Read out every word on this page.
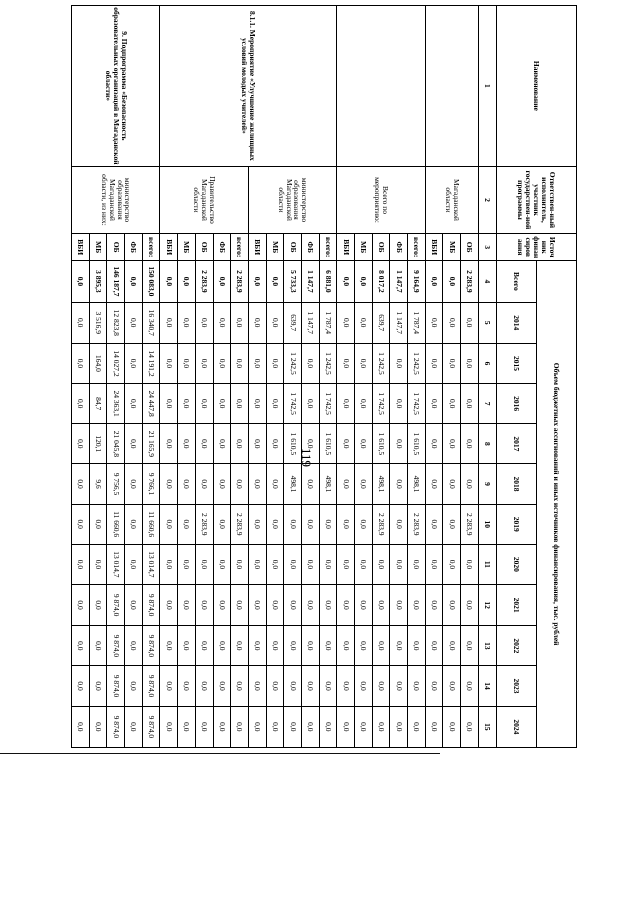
119
Наименование	Ответствен-ный исполнитель, участник государствен-ной программы	Источ ник финан сиров ания	Объем бюджетных ассигнований и иных источников финансирования, тыс. рублей											
			Всего	2014	2015	2016	2017	2018	2019	2020	2021	2022	2023	2024
1	2	3	4	5	6	7	8	9	10	11	12	13	14	15
	Магаданской области	ОБ	2 283,9	0,0	0,0	0,0	0,0	0,0	2 283,9	0,0	0,0	0,0	0,0	0,0
		МБ	0,0	0,0	0,0	0,0	0,0	0,0	0,0	0,0	0,0	0,0	0,0	0,0
		ВБИ	0,0	0,0	0,0	0,0	0,0	0,0	0,0	0,0	0,0	0,0	0,0	0,0
	Всего по мероприятию:	всего:	9 164,9	1 787,4	1 242,5	1 742,5	1 610,5	498,1	2 283,9	0,0	0,0	0,0	0,0	0,0
		ФБ	1 147,7	1 147,7	0,0	0,0	0,0	0,0	0,0	0,0	0,0	0,0	0,0	0,0
		ОБ	8 017,2	639,7	1 242,5	1 742,5	1 610,5	498,1	2 283,9	0,0	0,0	0,0	0,0	0,0
		МБ	0,0	0,0	0,0	0,0	0,0	0,0	0,0	0,0	0,0	0,0	0,0	0,0
		ВБИ	0,0	0,0	0,0	0,0	0,0	0,0	0,0	0,0	0,0	0,0	0,0	0,0
8.1.1. Мероприятие «Улучшение жилищных условий молодых учителей»	министерство образования Магаданской области	всего:	6 881,0	1 787,4	1 242,5	1 742,5	1 610,5	498,1	0,0	0,0	0,0	0,0	0,0	0,0
		ФБ	1 147,7	1 147,7	0,0	0,0	0,0	0,0	0,0	0,0	0,0	0,0	0,0	0,0
		ОБ	5 733,3	639,7	1 242,5	1 742,5	1 610,5	498,1	0,0	0,0	0,0	0,0	0,0	0,0
		МБ	0,0	0,0	0,0	0,0	0,0	0,0	0,0	0,0	0,0	0,0	0,0	0,0
		ВБИ	0,0	0,0	0,0	0,0	0,0	0,0	0,0	0,0	0,0	0,0	0,0	0,0
	Правительство Магаданской области	всего:	2 283,9	0,0	0,0	0,0	0,0	0,0	2 283,9	0,0	0,0	0,0	0,0	0,0
		ФБ	0,0	0,0	0,0	0,0	0,0	0,0	0,0	0,0	0,0	0,0	0,0	0,0
		ОБ	2 283,9	0,0	0,0	0,0	0,0	0,0	2 283,9	0,0	0,0	0,0	0,0	0,0
		МБ	0,0	0,0	0,0	0,0	0,0	0,0	0,0	0,0	0,0	0,0	0,0	0,0
		ВБИ	0,0	0,0	0,0	0,0	0,0	0,0	0,0	0,0	0,0	0,0	0,0	0,0
9. Подпрограмма «Безопасность образовательных организаций в Магаданской области»	министерство образования Магаданской области, из них:	всего:	150 083,0	16 340,7	14 191,2	24 447,8	21 165,9	9 766,1	11 660,6	13 014,7	9 874,0	9 874,0	9 874,0	9 874,0
		ФБ	0,0	0,0	0,0	0,0	0,0	0,0	0,0	0,0	0,0	0,0	0,0	0,0
		ОБ	146 187,7	12 823,8	14 027,2	24 363,1	21 045,8	9 756,5	11 660,6	13 014,7	9 874,0	9 874,0	9 874,0	9 874,0
		МБ	3 895,3	3 516,9	164,0	84,7	120,1	9,6	0,0	0,0	0,0	0,0	0,0	0,0
		ВБИ	0,0	0,0	0,0	0,0	0,0	0,0	0,0	0,0	0,0	0,0	0,0	0,0
